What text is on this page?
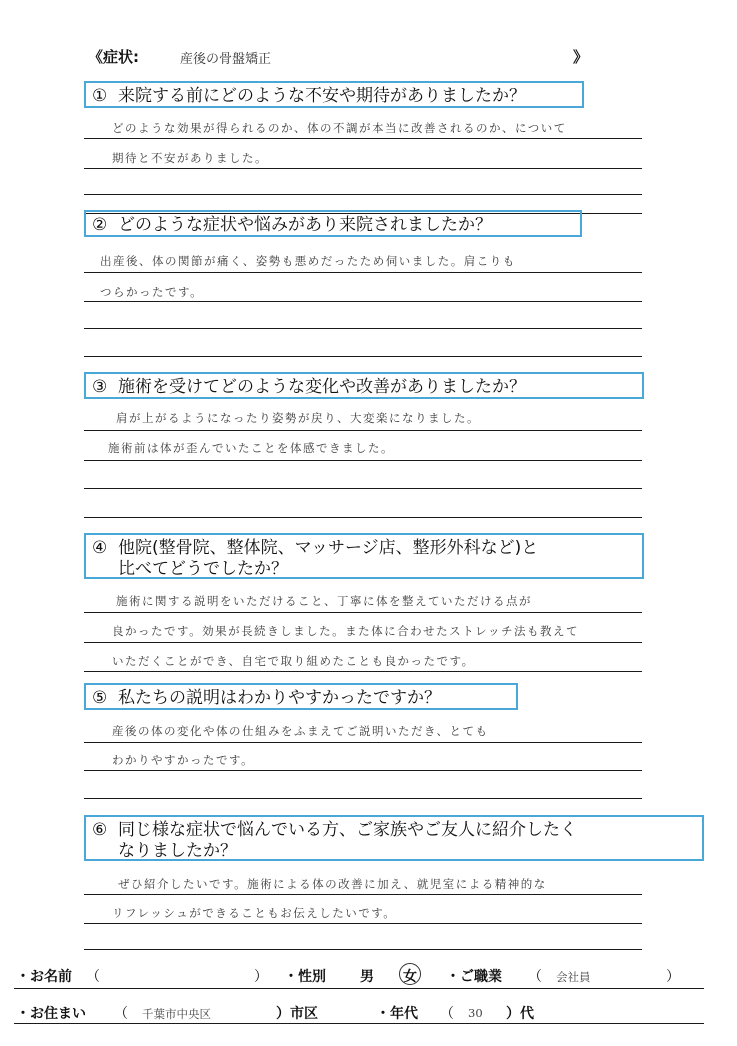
《症状:	産後の骨盤矯正	》
① 来院する前にどのような不安や期待がありましたか？
どのような効果が得られるのか、体の不調が本当に改善されるのか、について
期待と不安がありました。
② どのような症状や悩みがあり来院されましたか？
出産後、体の関節が痛く、姿勢も悪めだったため伺いました。肩こりも
つらかったです。
③ 施術を受けてどのような変化や改善がありましたか？
肩が上がるようになったり姿勢が戻り、大変楽になりました。
施術前は体が歪んでいたことを体感できました。
④ 他院(整骨院、整体院、マッサージ店、整形外科など)と
比べてどうでしたか？
施術に関する説明をいただけること、丁寧に体を整えていただける点が
良かったです。効果が長続きしました。また体に合わせたストレッチ法も教えて
いただくことができ、自宅で取り組めたことも良かったです。
⑤ 私たちの説明はわかりやすかったですか？
産後の体の変化や体の仕組みをふまえてご説明いただき、とても
わかりやすかったです。
⑥ 同じ様な症状で悩んでいる方、ご家族やご友人に紹介したく
なりましたか？
ぜひ紹介したいです。施術による体の改善に加え、就児室による精神的な
リフレッシュができることもお伝えしたいです。
・お名前 （	） ・性別 男 女 ・ご職業 （ 会社員	）
・お住まい （ 千葉市中央区	）市区	・年代 （ 30 ）代
